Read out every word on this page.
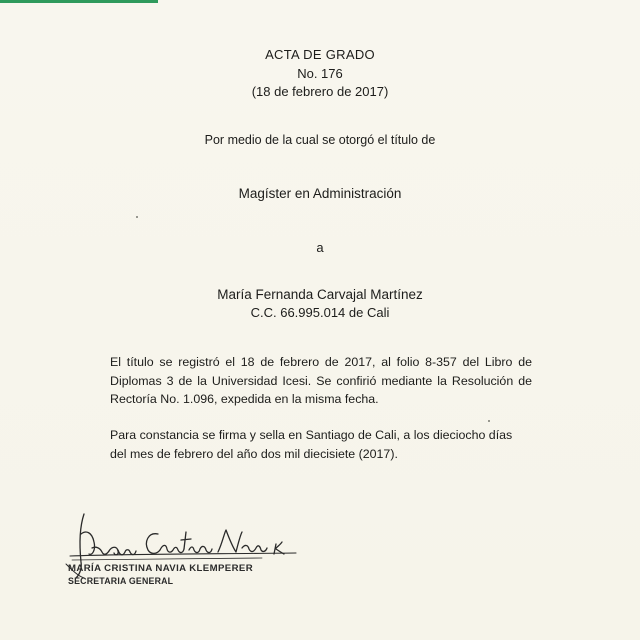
ACTA DE GRADO
No. 176
(18 de febrero de 2017)
Por medio de la cual se otorgó el título de
Magíster en Administración
a
María Fernanda Carvajal Martínez
C.C. 66.995.014 de Cali
El título se registró el 18 de febrero de 2017, al folio 8-357 del Libro de Diplomas 3 de la Universidad Icesi. Se confirió mediante la Resolución de Rectoría No. 1.096, expedida en la misma fecha.
Para constancia se firma y sella en Santiago de Cali, a los dieciocho días del mes de febrero del año dos mil diecisiete (2017).
MARÍA CRISTINA NAVIA KLEMPERER
SECRETARIA GENERAL
